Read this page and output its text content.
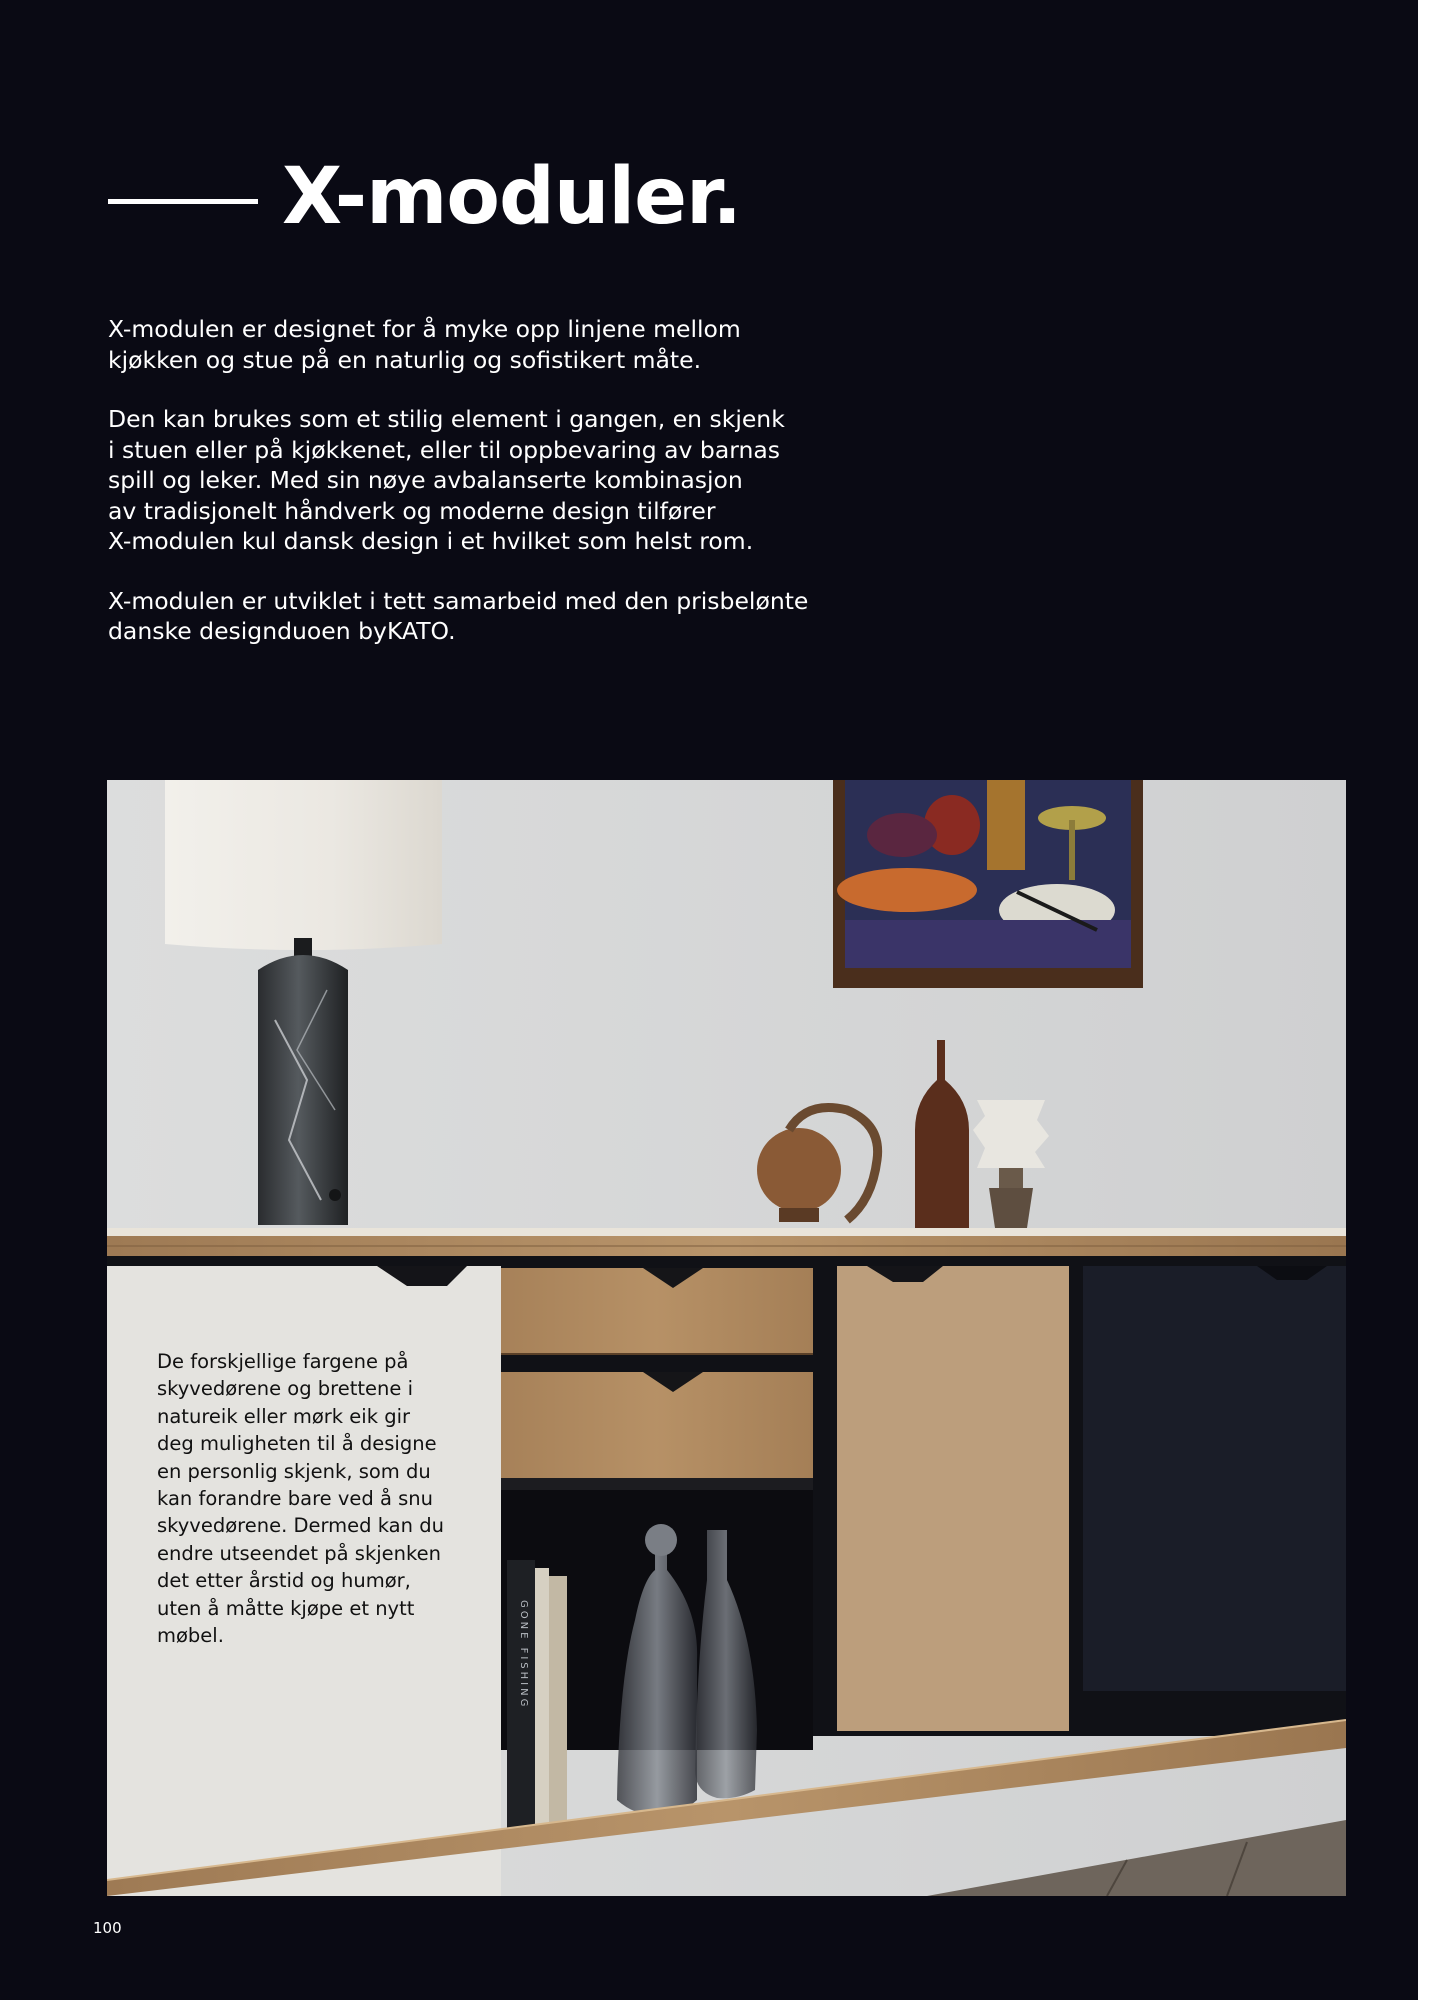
X-moduler.

X-modulen er designet for å myke opp linjene mellom
kjøkken og stue på en naturlig og sofistikert måte.

Den kan brukes som et stilig element i gangen, en skjenk
i stuen eller på kjøkkenet, eller til oppbevaring av barnas
spill og leker. Med sin nøye avbalanserte kombinasjon
av tradisjonelt håndverk og moderne design tilfører
X-modulen kul dansk design i et hvilket som helst rom.

X-modulen er utviklet i tett samarbeid med den prisbelønte
danske designduoen byKATO.

GONE FISHING
De forskjellige fargene på
skyvedørene og brettene i
natureik eller mørk eik gir
deg muligheten til å designe
en personlig skjenk, som du
kan forandre bare ved å snu
skyvedørene. Dermed kan du
endre utseendet på skjenken
det etter årstid og humør,
uten å måtte kjøpe et nytt
møbel.
100
